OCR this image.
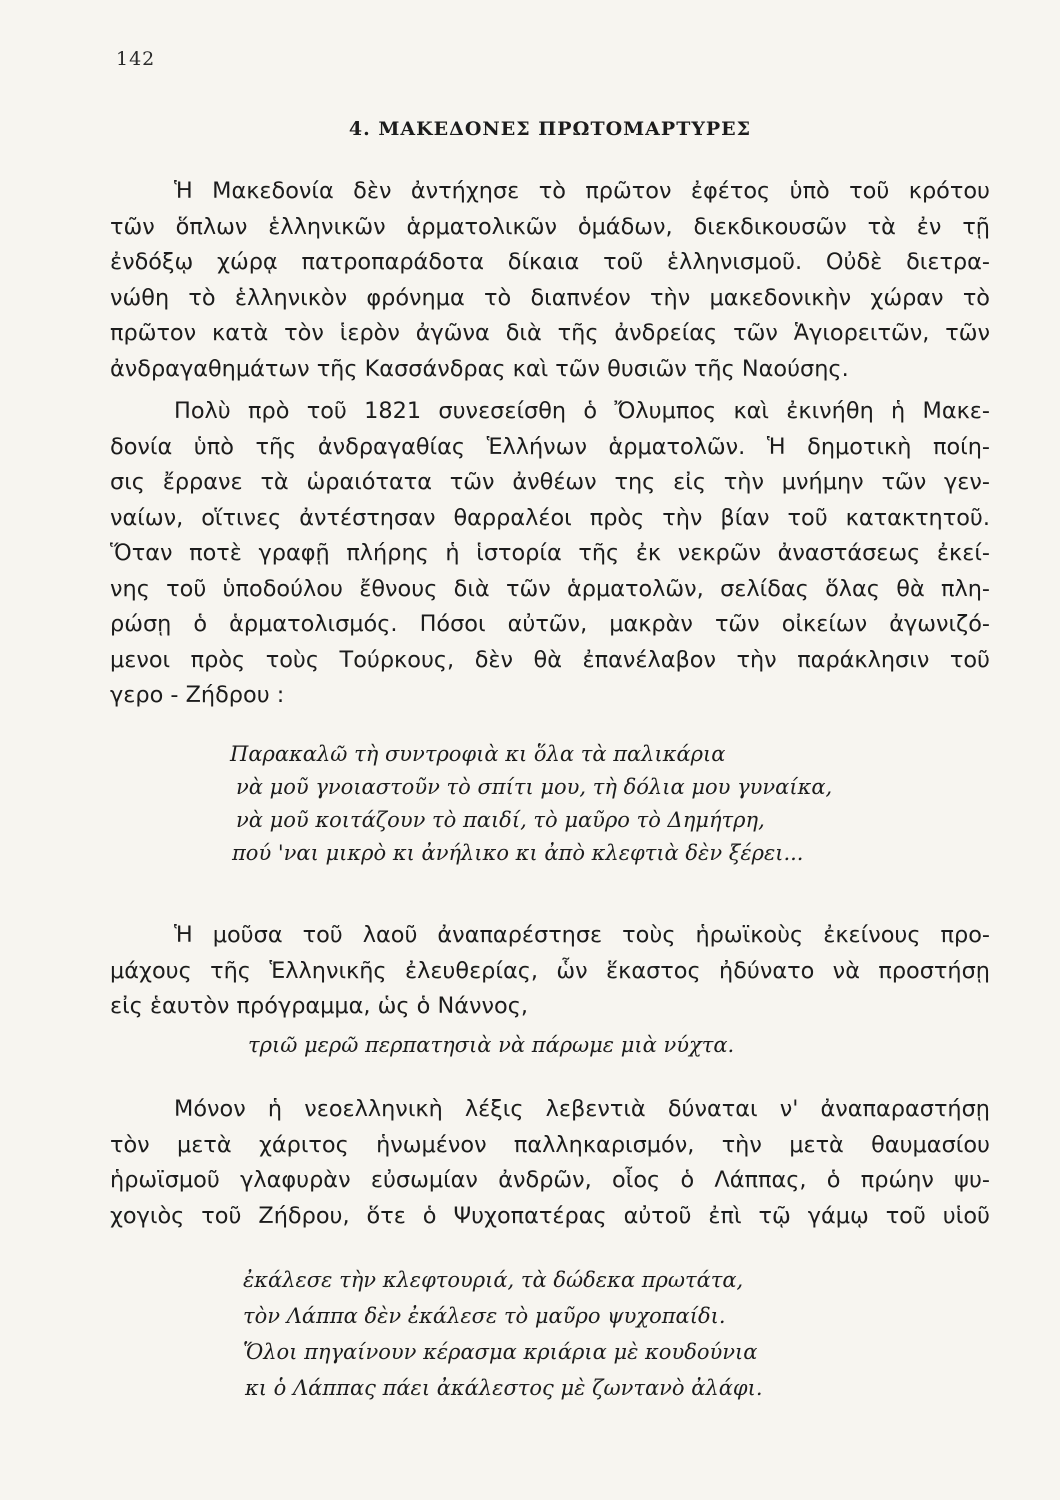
142
4. ΜΑΚΕΔΟΝΕΣ ΠΡΩΤΟΜΑΡΤΥΡΕΣ
Ἡ Μακεδονία δὲν ἀντήχησε τὸ πρῶτον ἐφέτος ὑπὸ τοῦ κρότου
τῶν ὅπλων ἑλληνικῶν ἁρματολικῶν ὁμάδων, διεκδικουσῶν τὰ ἐν τῇ
ἐνδόξῳ χώρᾳ πατροπαράδοτα δίκαια τοῦ ἑλληνισμοῦ. Οὐδὲ διετρα-
νώθη τὸ ἑλληνικὸν φρόνημα τὸ διαπνέον τὴν μακεδονικὴν χώραν τὸ
πρῶτον κατὰ τὸν ἱερὸν ἀγῶνα διὰ τῆς ἀνδρείας τῶν Ἁγιορειτῶν, τῶν
ἀνδραγαθημάτων τῆς Κασσάνδρας καὶ τῶν θυσιῶν τῆς Ναούσης.
Πολὺ πρὸ τοῦ 1821 συνεσείσθη ὁ Ὄλυμπος καὶ ἐκινήθη ἡ Μακε-
δονία ὑπὸ τῆς ἀνδραγαθίας Ἑλλήνων ἁρματολῶν. Ἡ δημοτικὴ ποίη-
σις ἔρρανε τὰ ὡραιότατα τῶν ἀνθέων της εἰς τὴν μνήμην τῶν γεν-
ναίων, οἵτινες ἀντέστησαν θαρραλέοι πρὸς τὴν βίαν τοῦ κατακτητοῦ.
Ὅταν ποτὲ γραφῇ πλήρης ἡ ἱστορία τῆς ἐκ νεκρῶν ἀναστάσεως ἐκεί-
νης τοῦ ὑποδούλου ἔθνους διὰ τῶν ἁρματολῶν, σελίδας ὅλας θὰ πλη-
ρώσῃ ὁ ἁρματολισμός. Πόσοι αὐτῶν, μακρὰν τῶν οἰκείων ἀγωνιζό-
μενοι πρὸς τοὺς Τούρκους, δὲν θὰ ἐπανέλαβον τὴν παράκλησιν τοῦ
γερο - Ζήδρου :
Παρακαλῶ τὴ συντροφιὰ κι ὅλα τὰ παλικάρια
νὰ μοῦ γνοιαστοῦν τὸ σπίτι μου, τὴ δόλια μου γυναίκα,
νὰ μοῦ κοιτάζουν τὸ παιδί, τὸ μαῦρο τὸ Δημήτρη,
πού 'ναι μικρὸ κι ἀνήλικο κι ἀπὸ κλεφτιὰ δὲν ξέρει...
Ἡ μοῦσα τοῦ λαοῦ ἀναπαρέστησε τοὺς ἡρωϊκοὺς ἐκείνους προ-
μάχους τῆς Ἑλληνικῆς ἐλευθερίας, ὧν ἕκαστος ἠδύνατο νὰ προστήσῃ
εἰς ἑαυτὸν πρόγραμμα, ὡς ὁ Νάννος,
τριῶ μερῶ περπατησιὰ νὰ πάρωμε μιὰ νύχτα.
Μόνον ἡ νεοελληνικὴ λέξις λεβεντιὰ δύναται ν' ἀναπαραστήσῃ
τὸν μετὰ χάριτος ἡνωμένον παλληκαρισμόν, τὴν μετὰ θαυμασίου
ἡρωϊσμοῦ γλαφυρὰν εὐσωμίαν ἀνδρῶν, οἷος ὁ Λάππας, ὁ πρώην ψυ-
χογιὸς τοῦ Ζήδρου, ὅτε ὁ Ψυχοπατέρας αὐτοῦ ἐπὶ τῷ γάμῳ τοῦ υἱοῦ
ἐκάλεσε τὴν κλεφτουριά, τὰ δώδεκα πρωτάτα,
τὸν Λάππα δὲν ἐκάλεσε τὸ μαῦρο ψυχοπαίδι.
Ὅλοι πηγαίνουν κέρασμα κριάρια μὲ κουδούνια
κι ὁ Λάππας πάει ἀκάλεστος μὲ ζωντανὸ ἀλάφι.
